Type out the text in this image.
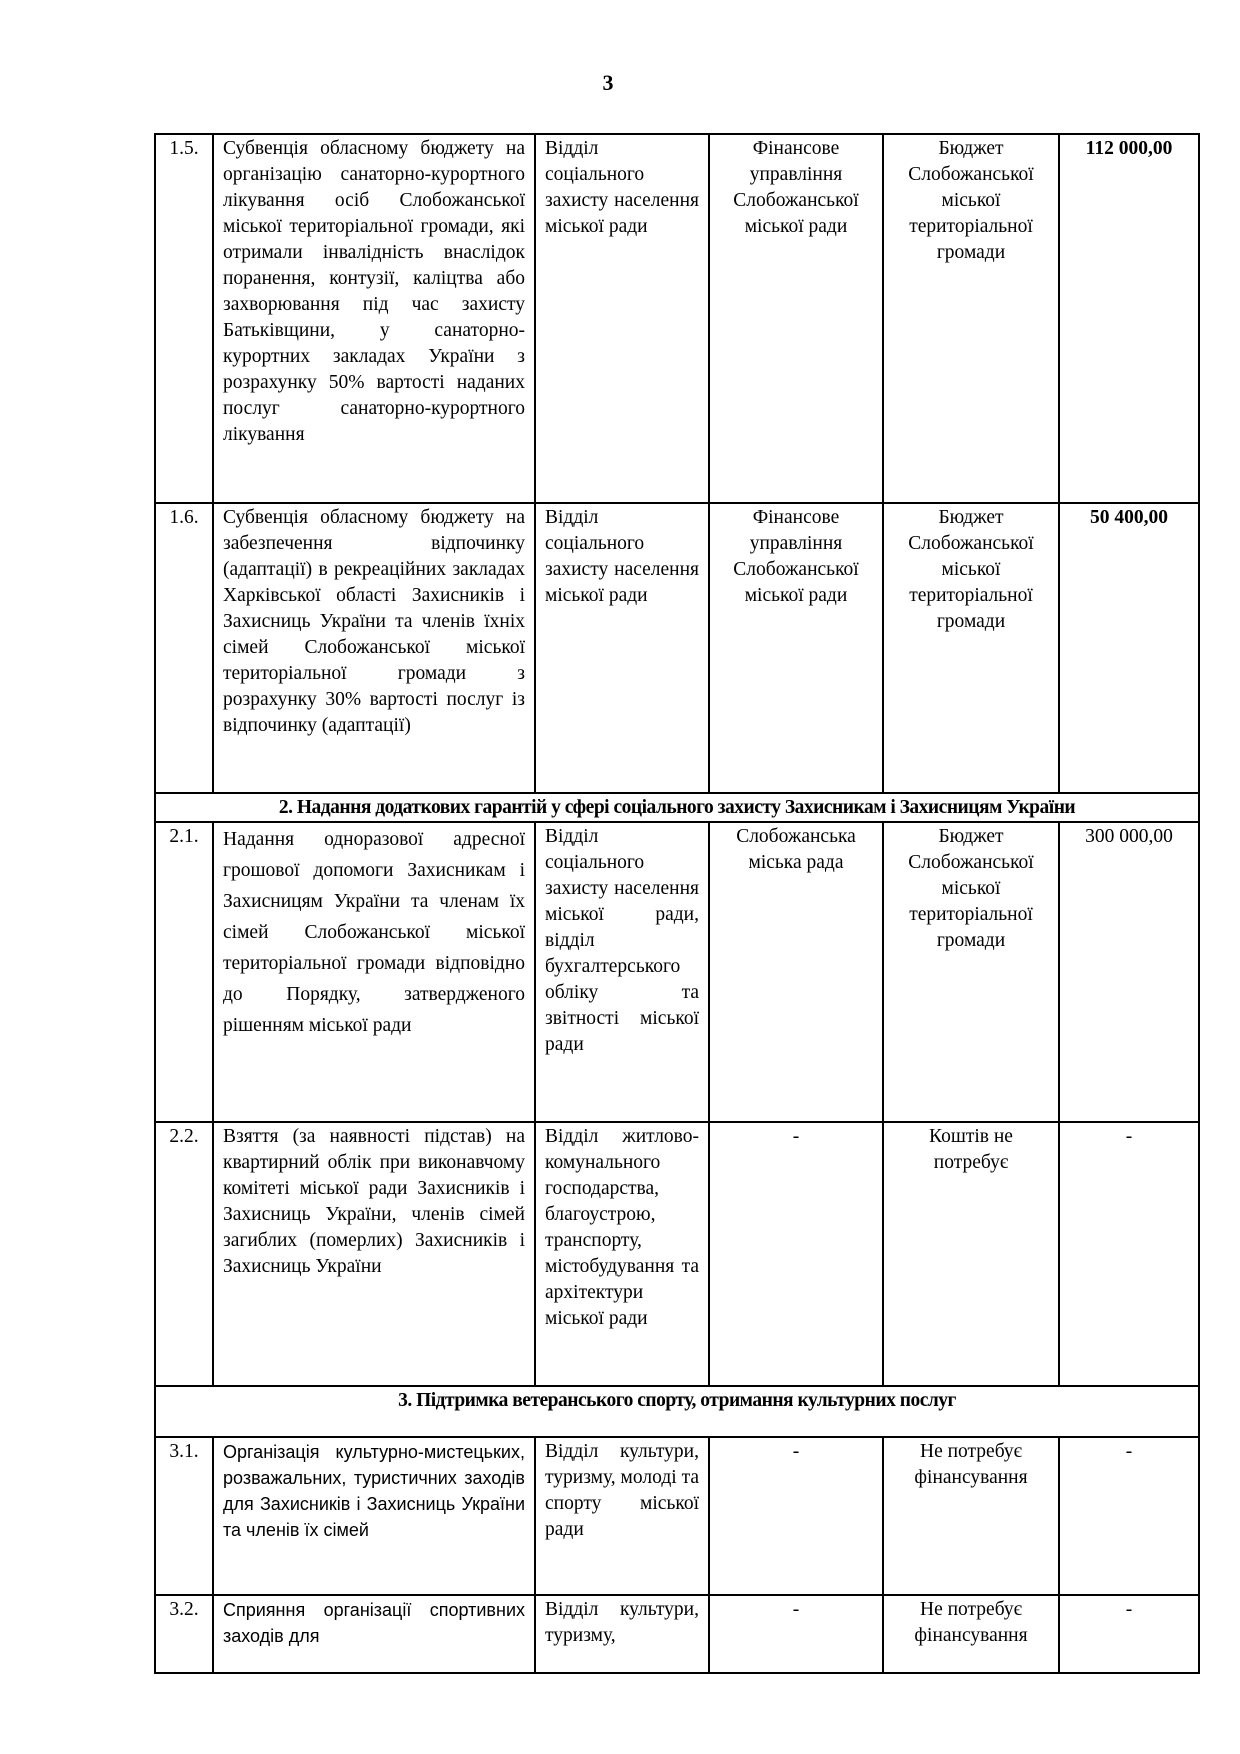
3
1.5.	Субвенція обласному бюджету на організацію санаторно-курортного лікування осіб Слобожанської міської територіальної громади, які отримали інвалідність внаслідок поранення, контузії, каліцтва або захворювання під час захисту Батьківщини, у санаторно-курортних закладах України з розрахунку 50% вартості наданих послуг санаторно-курортного лікування	Відділ соціального захисту населення міської ради	Фінансове управління Слобожанської міської ради	Бюджет Слобожанської міської територіальної громади	112 000,00
1.6.	Субвенція обласному бюджету на забезпечення відпочинку (адаптації) в рекреаційних закладах Харківської області Захисників і Захисниць України та членів їхніх сімей Слобожанської міської територіальної громади з розрахунку 30% вартості послуг із відпочинку (адаптації)	Відділ соціального захисту населення міської ради	Фінансове управління Слобожанської міської ради	Бюджет Слобожанської міської територіальної громади	50 400,00
2. Надання додаткових гарантій у сфері соціального захисту Захисникам і Захисницям України					
2.1.	Надання одноразової адресної грошової допомоги Захисникам і Захисницям України та членам їх сімей Слобожанської міської територіальної громади відповідно до Порядку, затвердженого рішенням міської ради	Відділ соціального захисту населення міської ради, відділ бухгалтерського обліку та звітності міської ради	Слобожанська міська рада	Бюджет Слобожанської міської територіальної громади	300 000,00
2.2.	Взяття (за наявності підстав) на квартирний облік при виконавчому комітеті міської ради Захисників і Захисниць України, членів сімей загиблих (померлих) Захисників і Захисниць України	Відділ житлово-комунального господарства, благоустрою, транспорту, містобудування та архітектури міської ради	-	Коштів не потребує	-
3. Підтримка ветеранського спорту, отримання культурних послуг					
3.1.	Організація культурно-мистецьких, розважальних, туристичних заходів для Захисників і Захисниць України та членів їх сімей	Відділ культури, туризму, молоді та спорту міської ради	-	Не потребує фінансування	-
3.2.	Сприяння організації спортивних заходів для	Відділ культури, туризму,	-	Не потребує фінансування	-
